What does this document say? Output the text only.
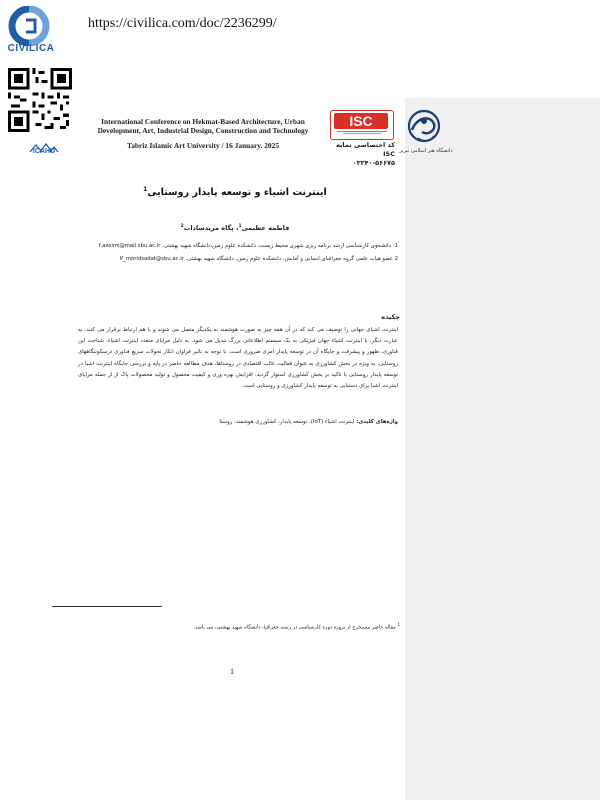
CIVILICA
https://civilica.com/doc/2236299/
ICAHU
International Conference on Hekmat-Based Architecture, Urban
Development, Art, Industrial Design, Construction and Technology
Tabriz Islamic Art University / 16 January. 2025
ISC
کد اختصاصی نمایه ISC
۰۳۲۴۰-۵۶۶۷۵
دانشگاه هنر اسلامی تبریز
اینترنت اشیاء و توسعه پایدار روستایی$^1$
فاطمه عظیمی$^1$، پگاه مریدسادات$^2$
1- دانشجوی کارشناسی ارشد برنامه ریزی شهری محیط زیست، دانشکده علوم زمین،دانشگاه شهید بهشتی. f.azeimi@mail.sbu.ac.ir
2 عضو هیات علمی گروه جغرافیای انسانی و آمایش، دانشکده علوم زمین، دانشگاه شهید بهشتی. P_moridsadat@sbu.ac.ir
چکیده
اینترنت اشیای جهانی را توصیف می کند که در آن همه چیز به صورت هوشمند به یکدیگر متصل می شوند و با هم ارتباط برقرار می کنند. به عبارت دیگر، با اینترنت اشیاء جهان فیزیکی به یک سیستم اطلاعاتی بزرگ تبدیل می شود. به دلیل مزایای متعدد اینترنت اشیاء، شناخت این فناوری، ظهور و پیشرفت و جایگاه آن در توسعه پایدار امری ضروری است. با توجه به تاثیر فراوان انکار تحولات سریع فناوری درسکونتگاههای روستایی، به ویژه در بخش کشاورزی به عنوان فعالیت غالب اقتصادی در روستاها، هدف مطالعه حاضر در پایه و بررسی جایگاه اینترنت اشیا در توسعه پایدار روستایی با تاکید بر بخش کشاورزی استوار گردید. افزایش بهره وری و کیفیت محصول و تولید محصولات پاک از از جمله مزایای اینترنت اشیا برای دستیابی به توسعه پایدار کشاورزی و روستایی است.
واژه‌های کلیدی: اینترنت اشیاء (IoT)، توسعه پایدار، کشاورزی هوشمند، روستا
$^1$ مقاله حاضر مستخرج از پروژه دوره کارشناسی در رشته جغرافیا، دانشگاه شهید بهشتی، می باشد.
1
